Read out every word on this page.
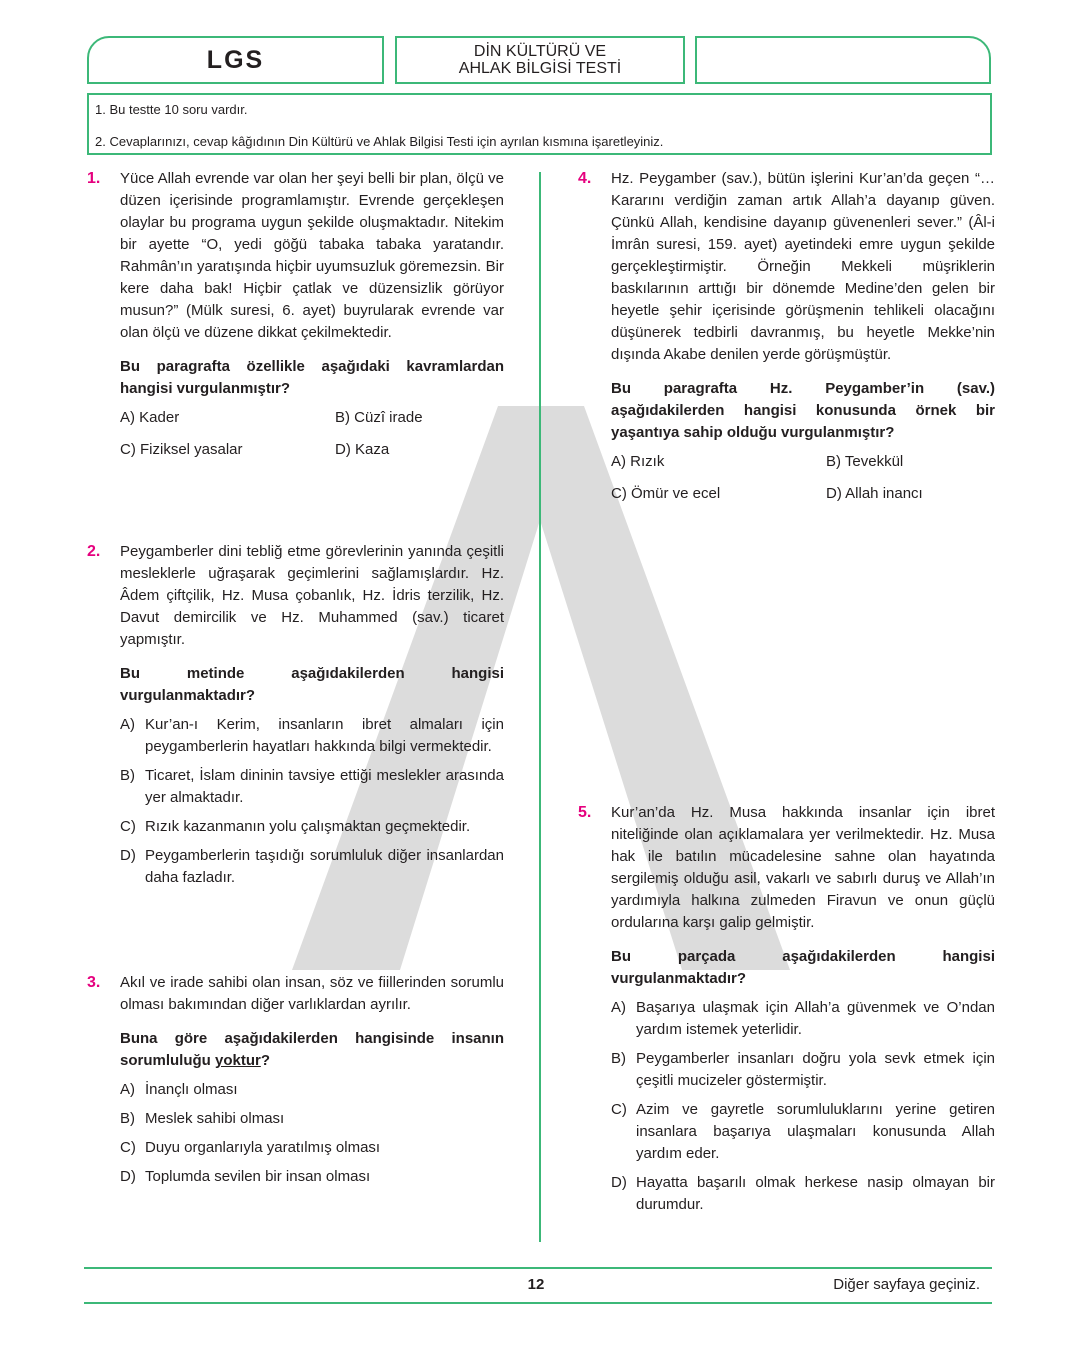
LGS	DİN KÜLTÜRÜ VE
AHLAK BİLGİSİ TESTİ
1. Bu testte 10 soru vardır.
2. Cevaplarınızı, cevap kâğıdının Din Kültürü ve Ahlak Bilgisi Testi için ayrılan kısmına işaretleyiniz.
1. Yüce Allah evrende var olan her şeyi belli bir plan, ölçü ve düzen içerisinde programlamıştır. Evrende gerçekleşen olaylar bu programa uygun şekilde oluşmaktadır. Nitekim bir ayette “O, yedi göğü tabaka tabaka yaratandır. Rahmân’ın yaratışında hiçbir uyumsuzluk göremezsin. Bir kere daha bak! Hiçbir çatlak ve düzensizlik görüyor musun?” (Mülk suresi, 6. ayet) buyrularak evrende var olan ölçü ve düzene dikkat çekilmektedir.

Bu paragrafta özellikle aşağıdaki kavramlardan hangisi vurgulanmıştır?

A) Kader	B) Cüzî irade
C) Fiziksel yasalar	D) Kaza
2. Peygamberler dini tebliğ etme görevlerinin yanında çeşitli mesleklerle uğraşarak geçimlerini sağlamışlardır. Hz. Âdem çiftçilik, Hz. Musa çobanlık, Hz. İdris terzilik, Hz. Davut demircilik ve Hz. Muhammed (sav.) ticaret yapmıştır.

Bu metinde aşağıdakilerden hangisi vurgulanmaktadır?

A) Kur’an-ı Kerim, insanların ibret almaları için peygamberlerin hayatları hakkında bilgi vermektedir.
B) Ticaret, İslam dininin tavsiye ettiği meslekler arasında yer almaktadır.
C) Rızık kazanmanın yolu çalışmaktan geçmektedir.
D) Peygamberlerin taşıdığı sorumluluk diğer insanlardan daha fazladır.
3. Akıl ve irade sahibi olan insan, söz ve fiillerinden sorumlu olması bakımından diğer varlıklardan ayrılır.

Buna göre aşağıdakilerden hangisinde insanın sorumluluğu yoktur?

A) İnançlı olması
B) Meslek sahibi olması
C) Duyu organlarıyla yaratılmış olması
D) Toplumda sevilen bir insan olması
4. Hz. Peygamber (sav.), bütün işlerini Kur’an’da geçen “… Kararını verdiğin zaman artık Allah’a dayanıp güven. Çünkü Allah, kendisine dayanıp güvenenleri sever.” (Âl-i İmrân suresi, 159. ayet) ayetindeki emre uygun şekilde gerçekleştirmiştir. Örneğin Mekkeli müşriklerin baskılarının arttığı bir dönemde Medine’den gelen bir heyetle şehir içerisinde görüşmenin tehlikeli olacağını düşünerek tedbirli davranmış, bu heyetle Mekke’nin dışında Akabe denilen yerde görüşmüştür.

Bu paragrafta Hz. Peygamber’in (sav.) aşağıdakilerden hangisi konusunda örnek bir yaşantıya sahip olduğu vurgulanmıştır?

A) Rızık	B) Tevekkül
C) Ömür ve ecel	D) Allah inancı
5. Kur’an’da Hz. Musa hakkında insanlar için ibret niteliğinde olan açıklamalara yer verilmektedir. Hz. Musa hak ile batılın mücadelesine sahne olan hayatında sergilemiş olduğu asil, vakarlı ve sabırlı duruş ve Allah’ın yardımıyla halkına zulmeden Firavun ve onun güçlü ordularına karşı galip gelmiştir.

Bu parçada aşağıdakilerden hangisi vurgulanmaktadır?

A) Başarıya ulaşmak için Allah’a güvenmek ve O’ndan yardım istemek yeterlidir.
B) Peygamberler insanları doğru yola sevk etmek için çeşitli mucizeler göstermiştir.
C) Azim ve gayretle sorumluluklarını yerine getiren insanlara başarıya ulaşmaları konusunda Allah yardım eder.
D) Hayatta başarılı olmak herkese nasip olmayan bir durumdur.
12	Diğer sayfaya geçiniz.
